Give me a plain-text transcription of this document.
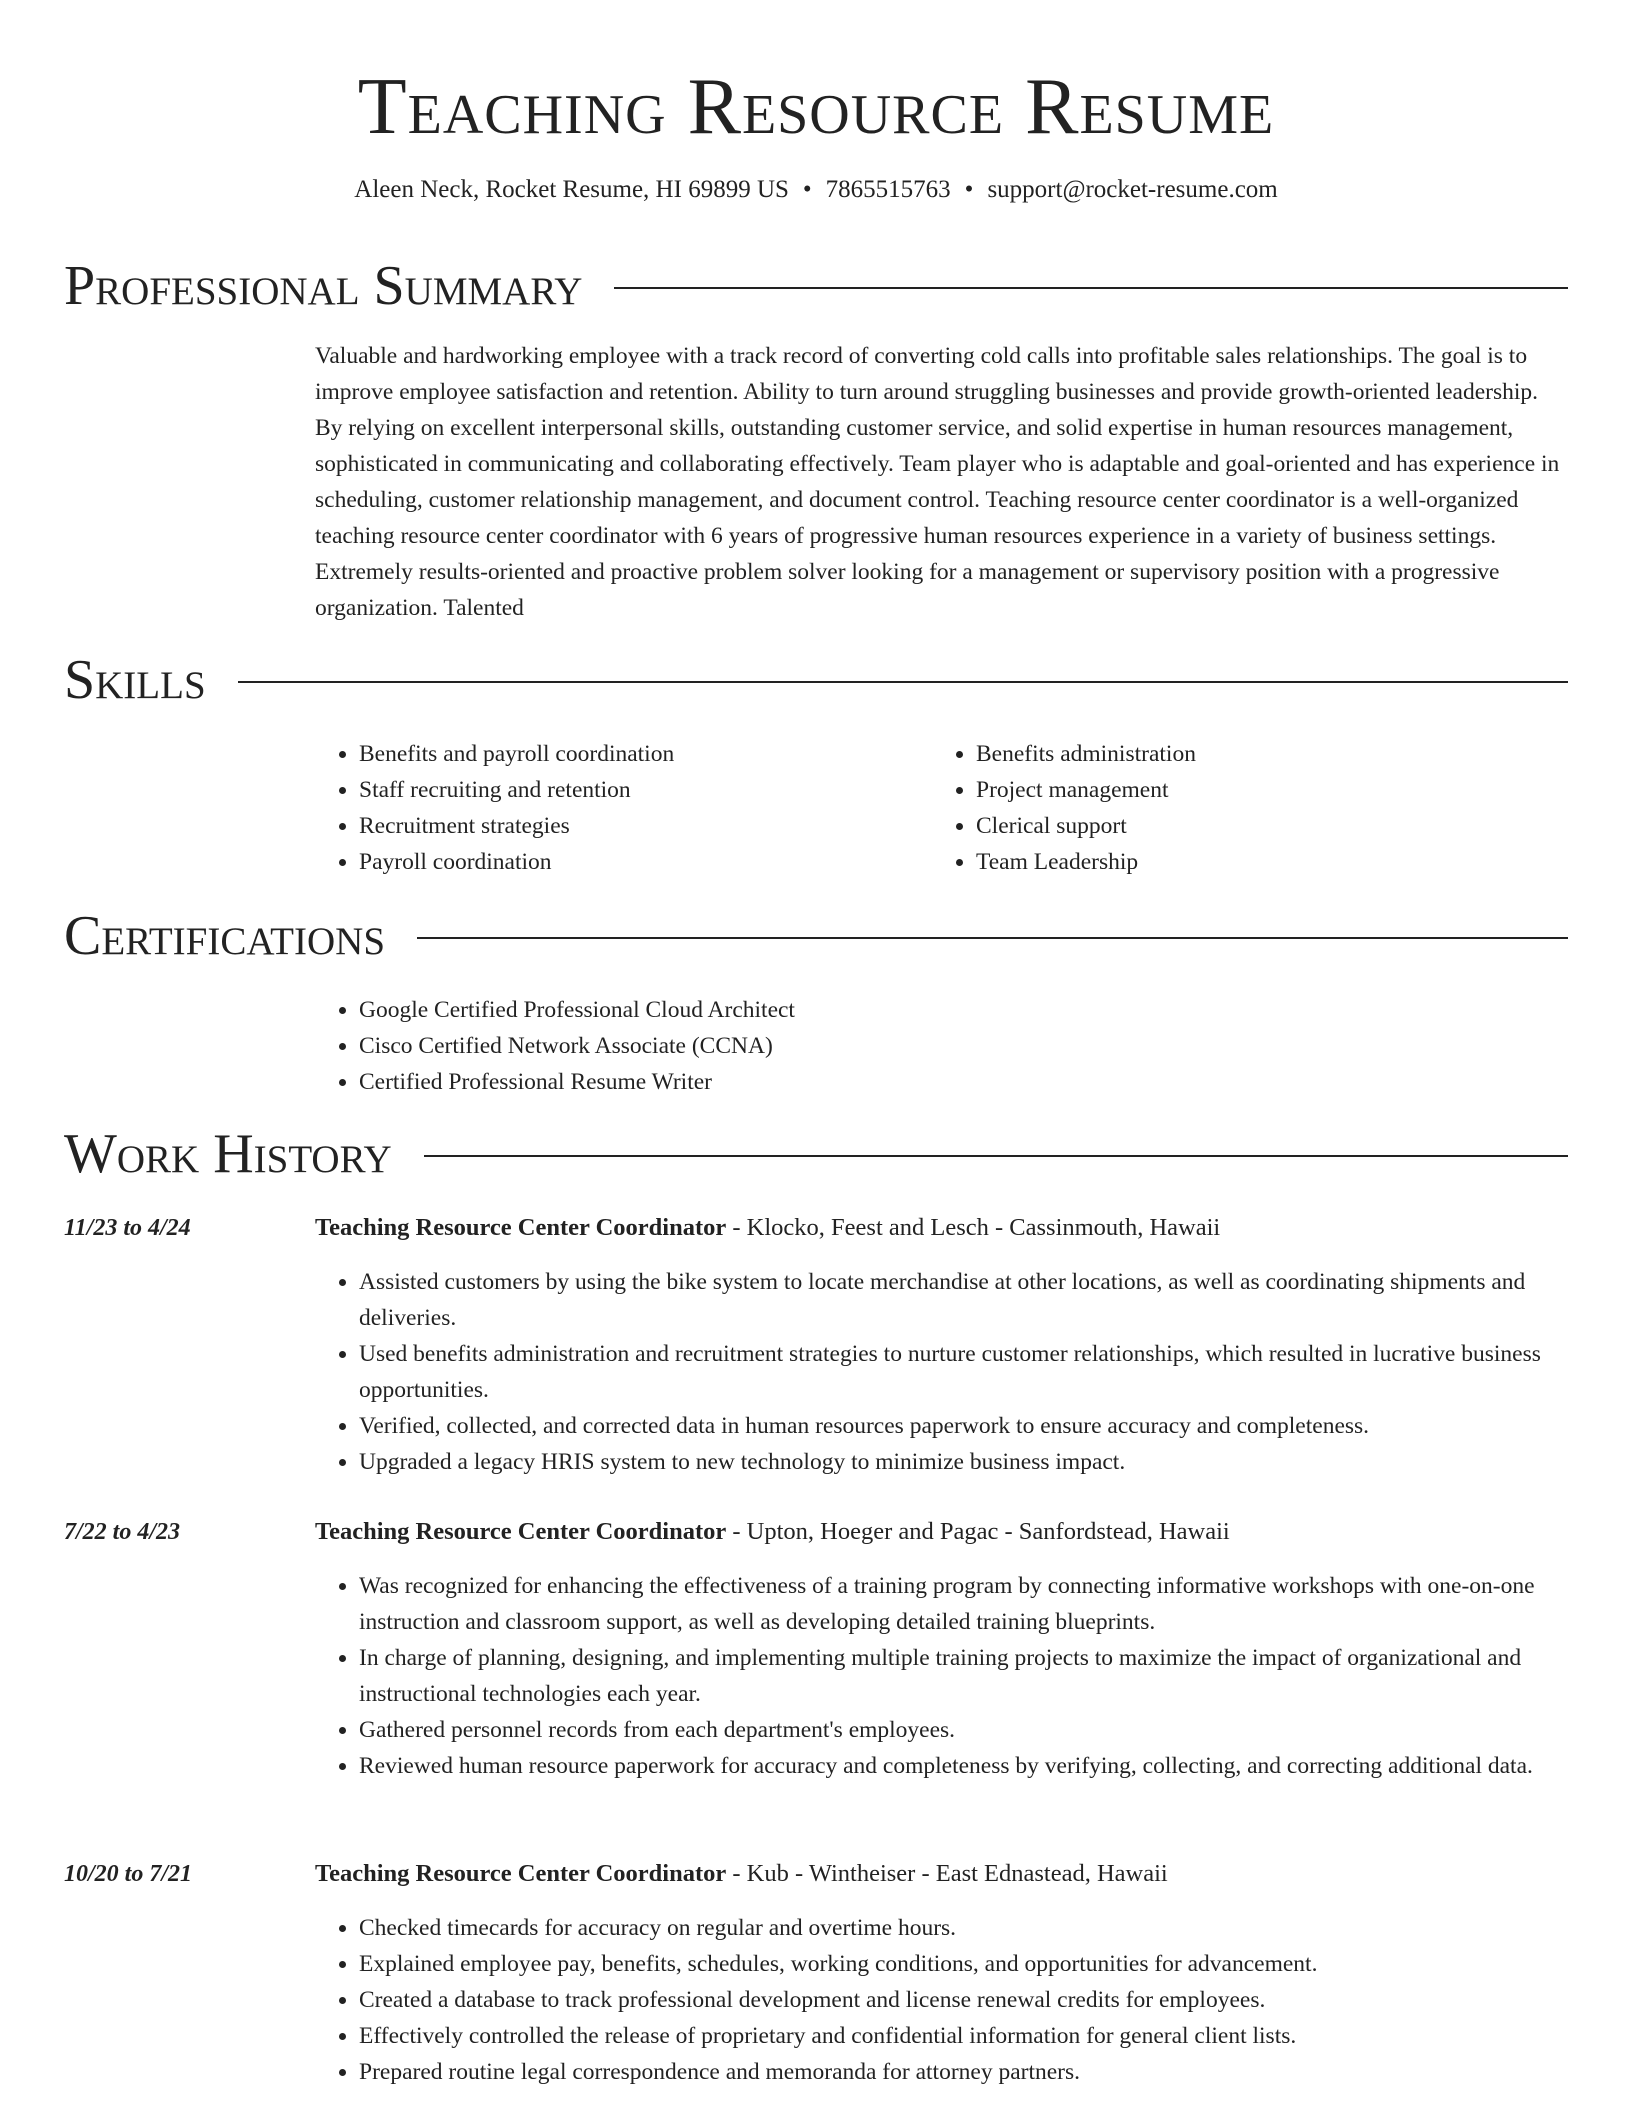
Teaching Resource Resume
Aleen Neck, Rocket Resume, HI 69899 US • 7865515763 • support@rocket-resume.com
Professional Summary

Valuable and hardworking employee with a track record of converting cold calls into profitable sales relationships. The goal is to improve employee satisfaction and retention. Ability to turn around struggling businesses and provide growth-oriented leadership. By relying on excellent interpersonal skills, outstanding customer service, and solid expertise in human resources management, sophisticated in communicating and collaborating effectively. Team player who is adaptable and goal-oriented and has experience in scheduling, customer relationship management, and document control. Teaching resource center coordinator is a well-organized teaching resource center coordinator with 6 years of progressive human resources experience in a variety of business settings. Extremely results-oriented and proactive problem solver looking for a management or supervisory position with a progressive organization. Talented

Skills
• Benefits and payroll coordination
• Staff recruiting and retention
• Recruitment strategies
• Payroll coordination
• Benefits administration
• Project management
• Clerical support
• Team Leadership
Certifications
• Google Certified Professional Cloud Architect
• Cisco Certified Network Associate (CCNA)
• Certified Professional Resume Writer
Work History
11/23 to 4/24	Teaching Resource Center Coordinator - Klocko, Feest and Lesch - Cassinmouth, Hawaii
• Assisted customers by using the bike system to locate merchandise at other locations, as well as coordinating shipments and deliveries.
• Used benefits administration and recruitment strategies to nurture customer relationships, which resulted in lucrative business opportunities.
• Verified, collected, and corrected data in human resources paperwork to ensure accuracy and completeness.
• Upgraded a legacy HRIS system to new technology to minimize business impact.
7/22 to 4/23	Teaching Resource Center Coordinator - Upton, Hoeger and Pagac - Sanfordstead, Hawaii
• Was recognized for enhancing the effectiveness of a training program by connecting informative workshops with one-on-one instruction and classroom support, as well as developing detailed training blueprints.
• In charge of planning, designing, and implementing multiple training projects to maximize the impact of organizational and instructional technologies each year.
• Gathered personnel records from each department's employees.
• Reviewed human resource paperwork for accuracy and completeness by verifying, collecting, and correcting additional data.
10/20 to 7/21	Teaching Resource Center Coordinator - Kub - Wintheiser - East Ednastead, Hawaii
• Checked timecards for accuracy on regular and overtime hours.
• Explained employee pay, benefits, schedules, working conditions, and opportunities for advancement.
• Created a database to track professional development and license renewal credits for employees.
• Effectively controlled the release of proprietary and confidential information for general client lists.
• Prepared routine legal correspondence and memoranda for attorney partners.
